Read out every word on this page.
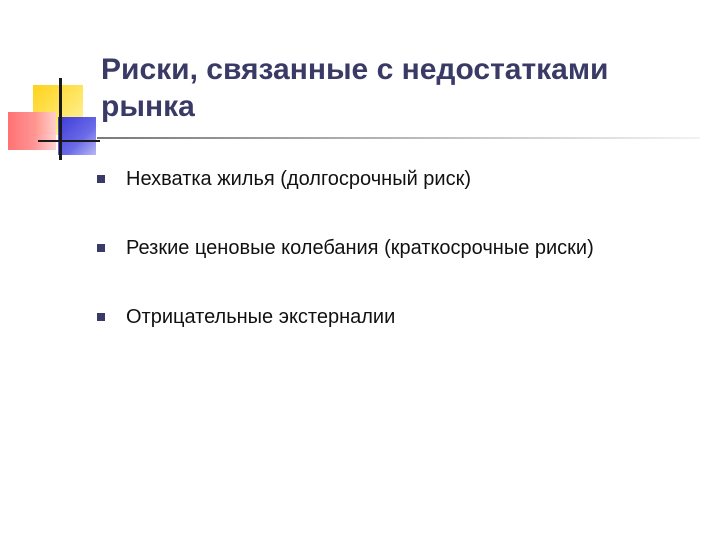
Риски, связанные с недостатками рынка
Нехватка жилья (долгосрочный риск)
Резкие ценовые колебания (краткосрочные риски)
Отрицательные экстерналии
